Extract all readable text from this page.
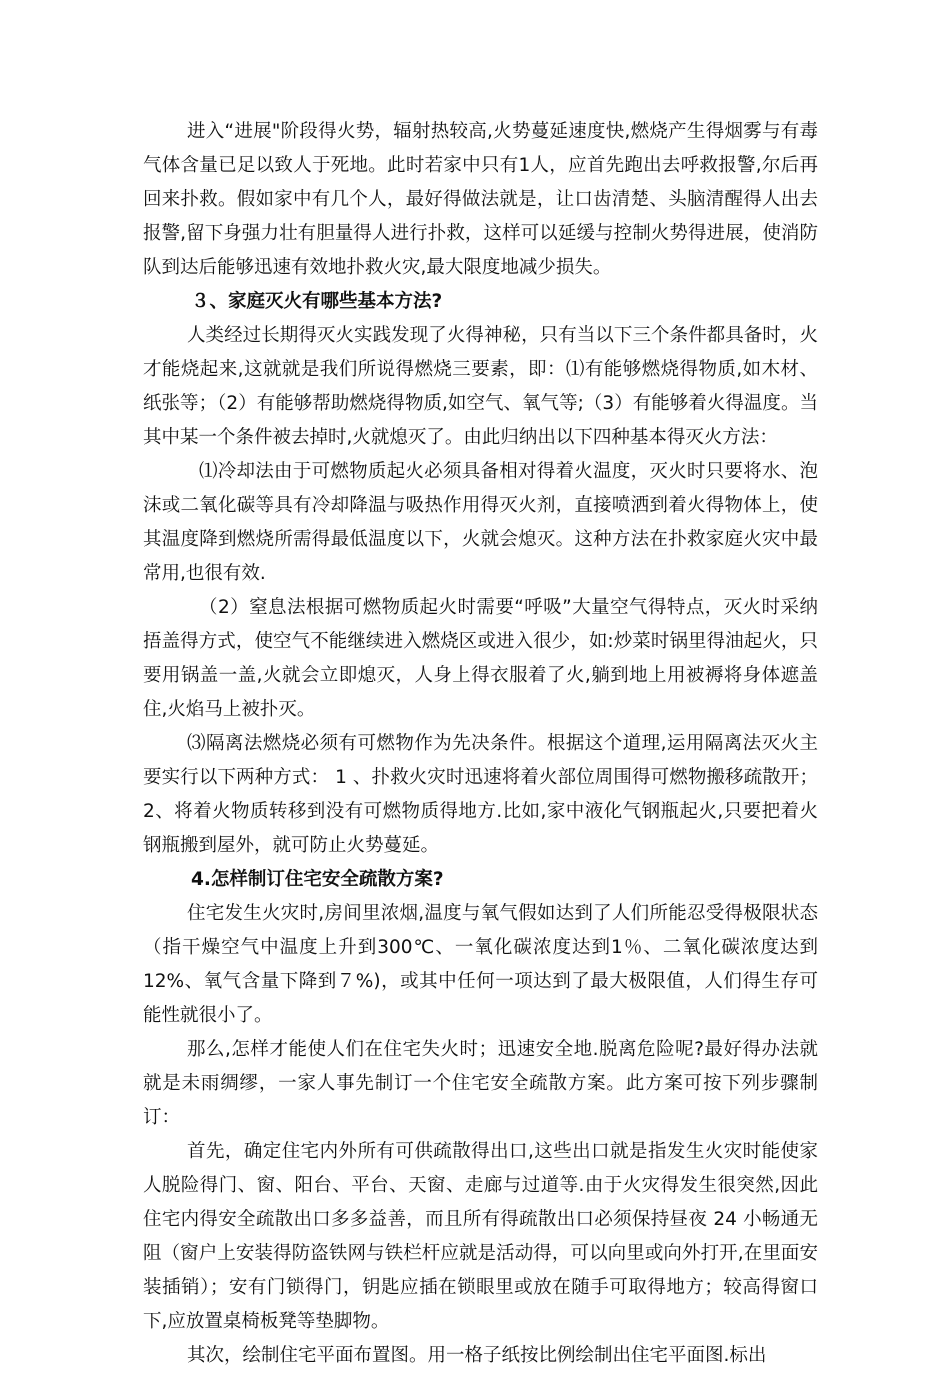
进入“进展"阶段得火势，辐射热较高,火势蔓延速度快,燃烧产生得烟雾与有毒气体含量已足以致人于死地。此时若家中只有1人，应首先跑出去呼救报警,尔后再回来扑救。假如家中有几个人，最好得做法就是，让口齿清楚、头脑清醒得人出去报警,留下身强力壮有胆量得人进行扑救，这样可以延缓与控制火势得进展，使消防队到达后能够迅速有效地扑救火灾,最大限度地减少损失。

３、家庭灭火有哪些基本方法?

人类经过长期得灭火实践发现了火得神秘，只有当以下三个条件都具备时，火才能烧起来,这就就是我们所说得燃烧三要素，即：⑴有能够燃烧得物质,如木材、纸张等；（2）有能够帮助燃烧得物质,如空气、氧气等;（3）有能够着火得温度。当其中某一个条件被去掉时,火就熄灭了。由此归纳出以下四种基本得灭火方法：

⑴冷却法由于可燃物质起火必须具备相对得着火温度，灭火时只要将水、泡沫或二氧化碳等具有冷却降温与吸热作用得灭火剂，直接喷洒到着火得物体上，使其温度降到燃烧所需得最低温度以下，火就会熄灭。这种方法在扑救家庭火灾中最常用,也很有效.

（2）窒息法根据可燃物质起火时需要“呼吸”大量空气得特点，灭火时采纳捂盖得方式，使空气不能继续进入燃烧区或进入很少，如:炒菜时锅里得油起火，只要用锅盖一盖,火就会立即熄灭，人身上得衣服着了火,躺到地上用被褥将身体遮盖住,火焰马上被扑灭。

⑶隔离法燃烧必须有可燃物作为先决条件。根据这个道理,运用隔离法灭火主要实行以下两种方式： 1 、扑救火灾时迅速将着火部位周围得可燃物搬移疏散开；2、将着火物质转移到没有可燃物质得地方.比如,家中液化气钢瓶起火,只要把着火钢瓶搬到屋外，就可防止火势蔓延。

4.怎样制订住宅安全疏散方案?

住宅发生火灾时,房间里浓烟,温度与氧气假如达到了人们所能忍受得极限状态（指干燥空气中温度上升到300℃、一氧化碳浓度达到1％、二氧化碳浓度达到12%、氧气含量下降到７%)，或其中任何一项达到了最大极限值，人们得生存可能性就很小了。

那么,怎样才能使人们在住宅失火时；迅速安全地.脱离危险呢?最好得办法就就是未雨绸缪，一家人事先制订一个住宅安全疏散方案。此方案可按下列步骤制订：

首先，确定住宅内外所有可供疏散得出口,这些出口就是指发生火灾时能使家人脱险得门、窗、阳台、平台、天窗、走廊与过道等.由于火灾得发生很突然,因此住宅内得安全疏散出口多多益善，而且所有得疏散出口必须保持昼夜 24 小畅通无阻（窗户上安装得防盗铁网与铁栏杆应就是活动得，可以向里或向外打开,在里面安装插销）；安有门锁得门，钥匙应插在锁眼里或放在随手可取得地方；较高得窗口下,应放置桌椅板凳等垫脚物。

其次，绘制住宅平面布置图。用一格子纸按比例绘制出住宅平面图.标出
